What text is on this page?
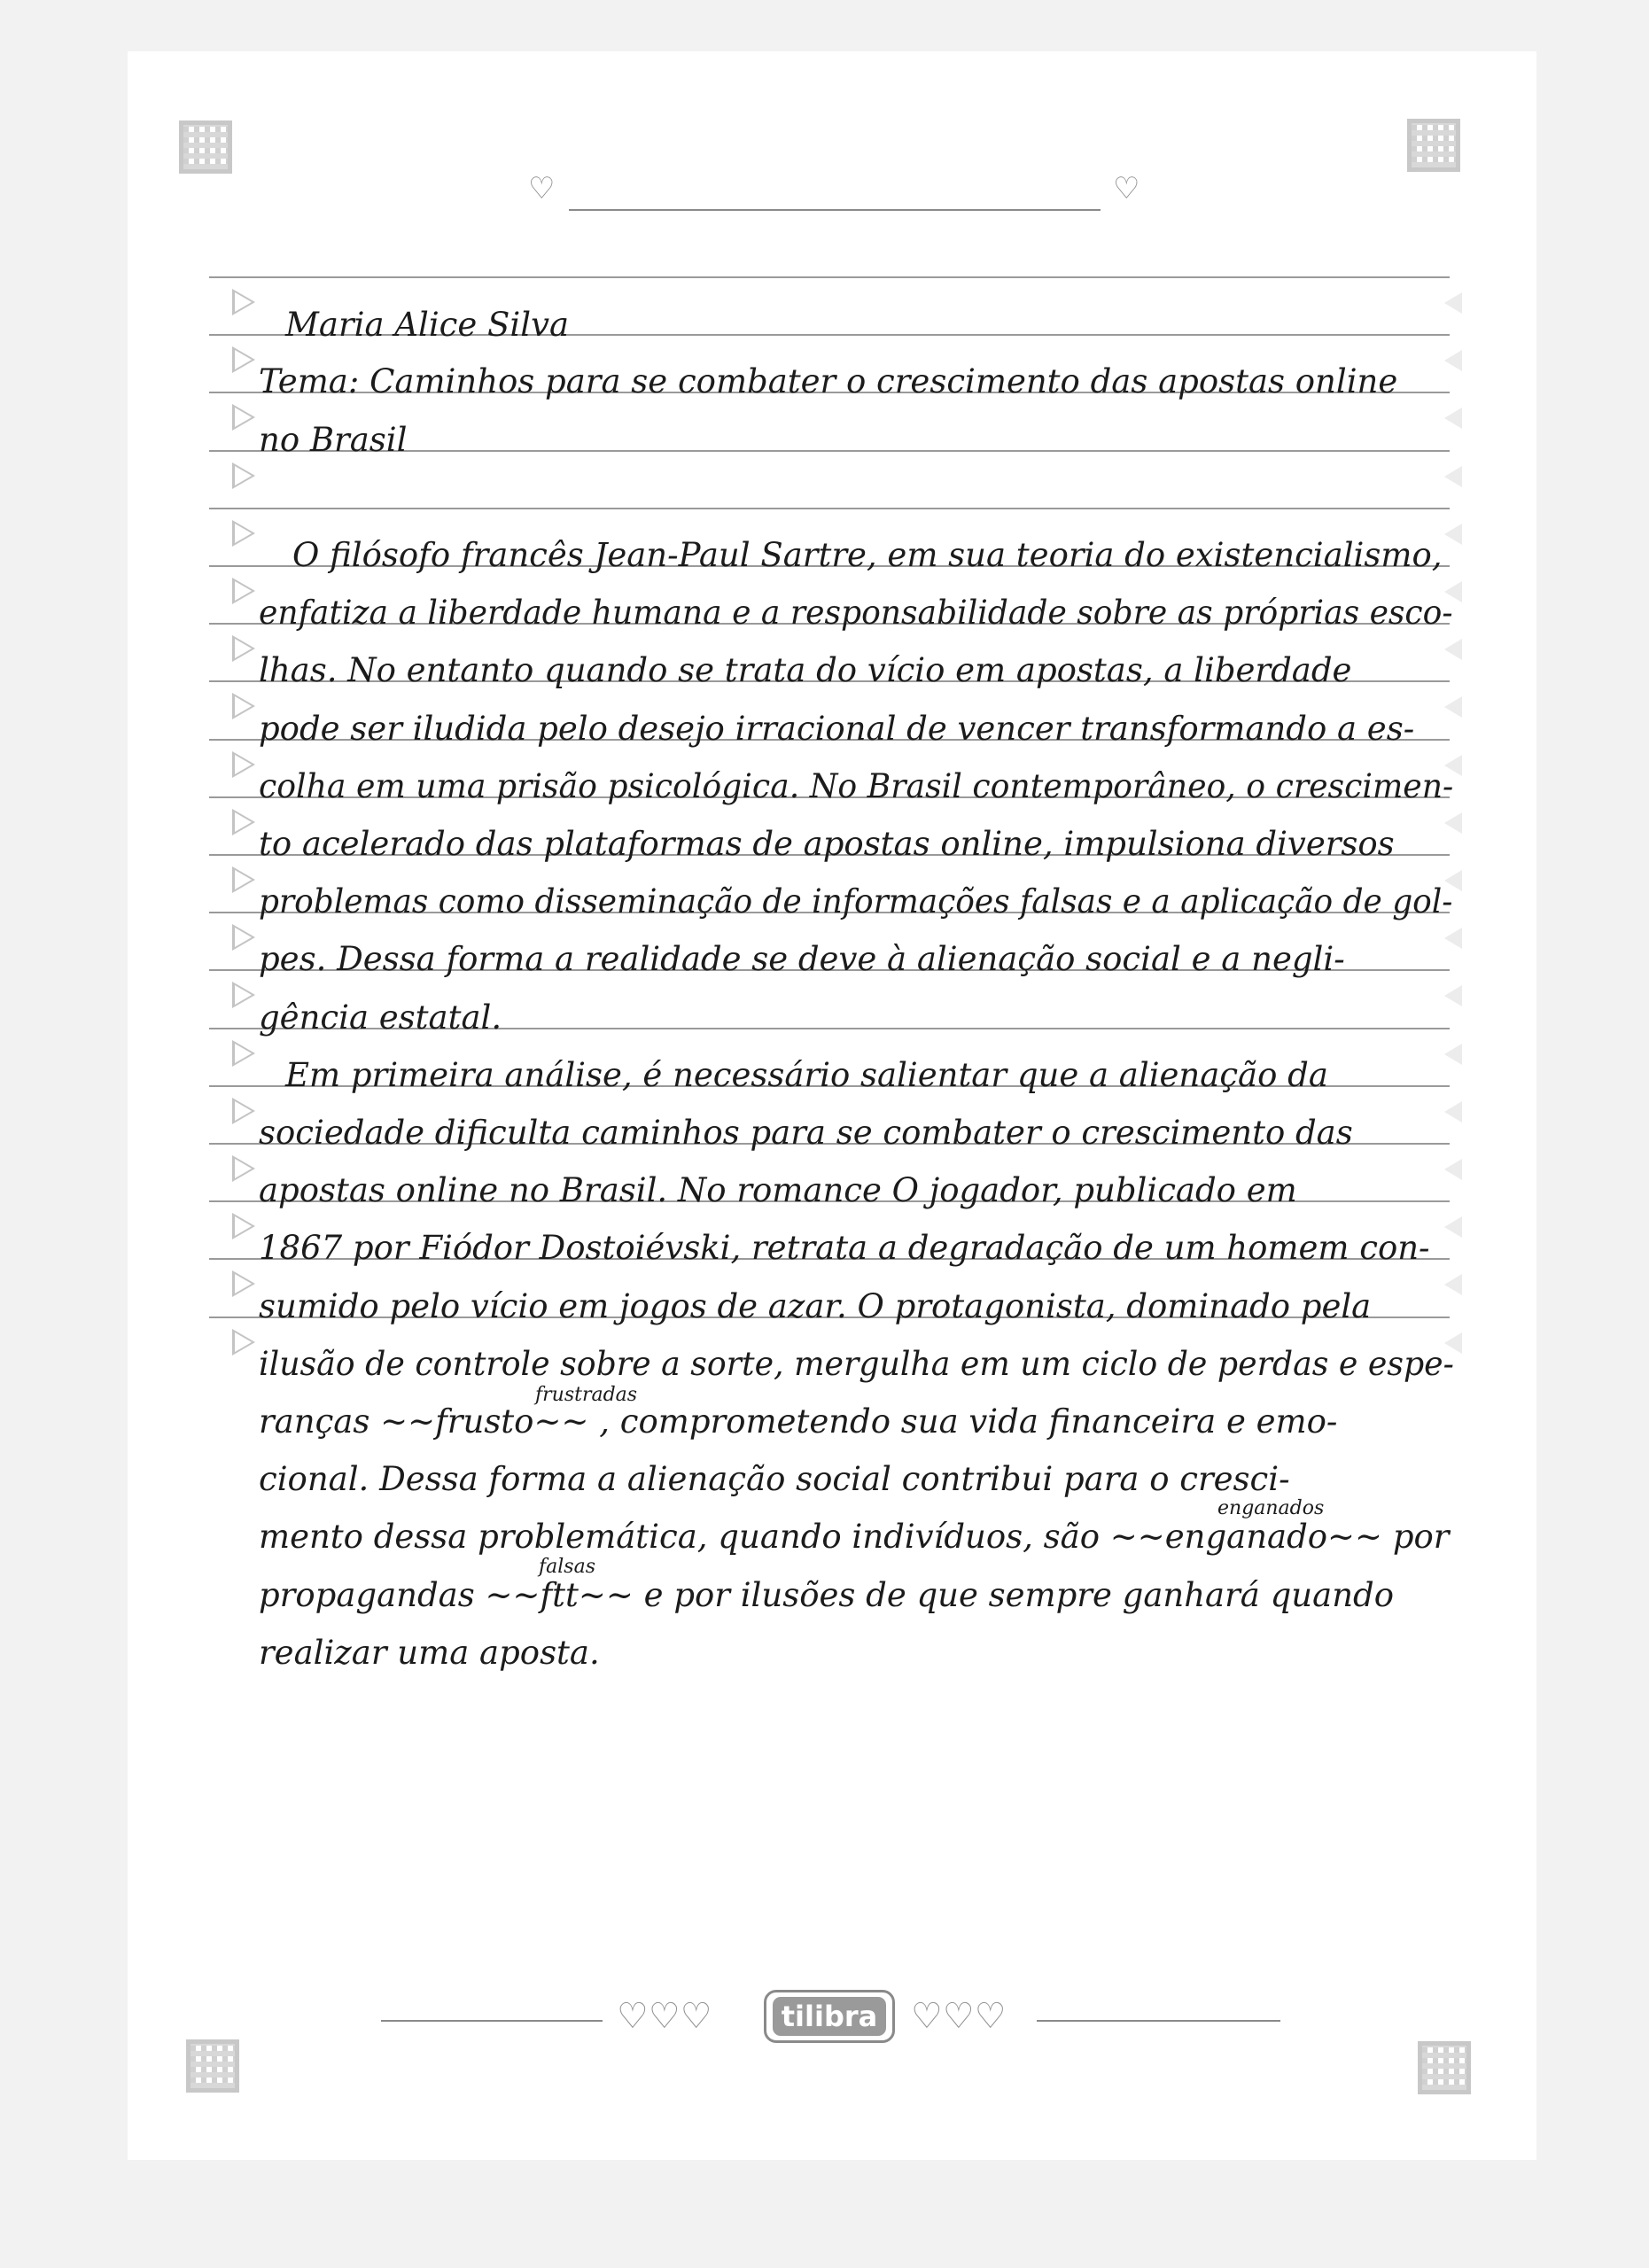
♡	♡
Maria Alice Silva
Tema: Caminhos para se combater o crescimento das apostas online
no Brasil
O filósofo francês Jean-Paul Sartre, em sua teoria do existencialismo,
enfatiza a liberdade humana e a responsabilidade sobre as próprias esco-
lhas. No entanto quando se trata do vício em apostas, a liberdade
pode ser iludida pelo desejo irracional de vencer transformando a es-
colha em uma prisão psicológica. No Brasil contemporâneo, o crescimen-
to acelerado das plataformas de apostas online, impulsiona diversos
problemas como disseminação de informações falsas e a aplicação de gol-
pes. Dessa forma a realidade se deve à alienação social e a negli-
gência estatal.
Em primeira análise, é necessário salientar que a alienação da
sociedade dificulta caminhos para se combater o crescimento das
apostas online no Brasil. No romance O jogador, publicado em
1867 por Fiódor Dostoiévski, retrata a degradação de um homem con-
sumido pelo vício em jogos de azar. O protagonista, dominado pela
ilusão de controle sobre a sorte, mergulha em um ciclo de perdas e espe-
ranças ~~frusto~~ , comprometendo sua vida financeira e emo-
cional. Dessa forma a alienação social contribui para o cresci-
mento dessa problemática, quando indivíduos, são ~~enganado~~ por
propagandas ~~ftt~~ e por ilusões de que sempre ganhará quando
realizar uma aposta.
frustradas
enganados
falsas
♡♡♡	tilibra ♡♡♡
